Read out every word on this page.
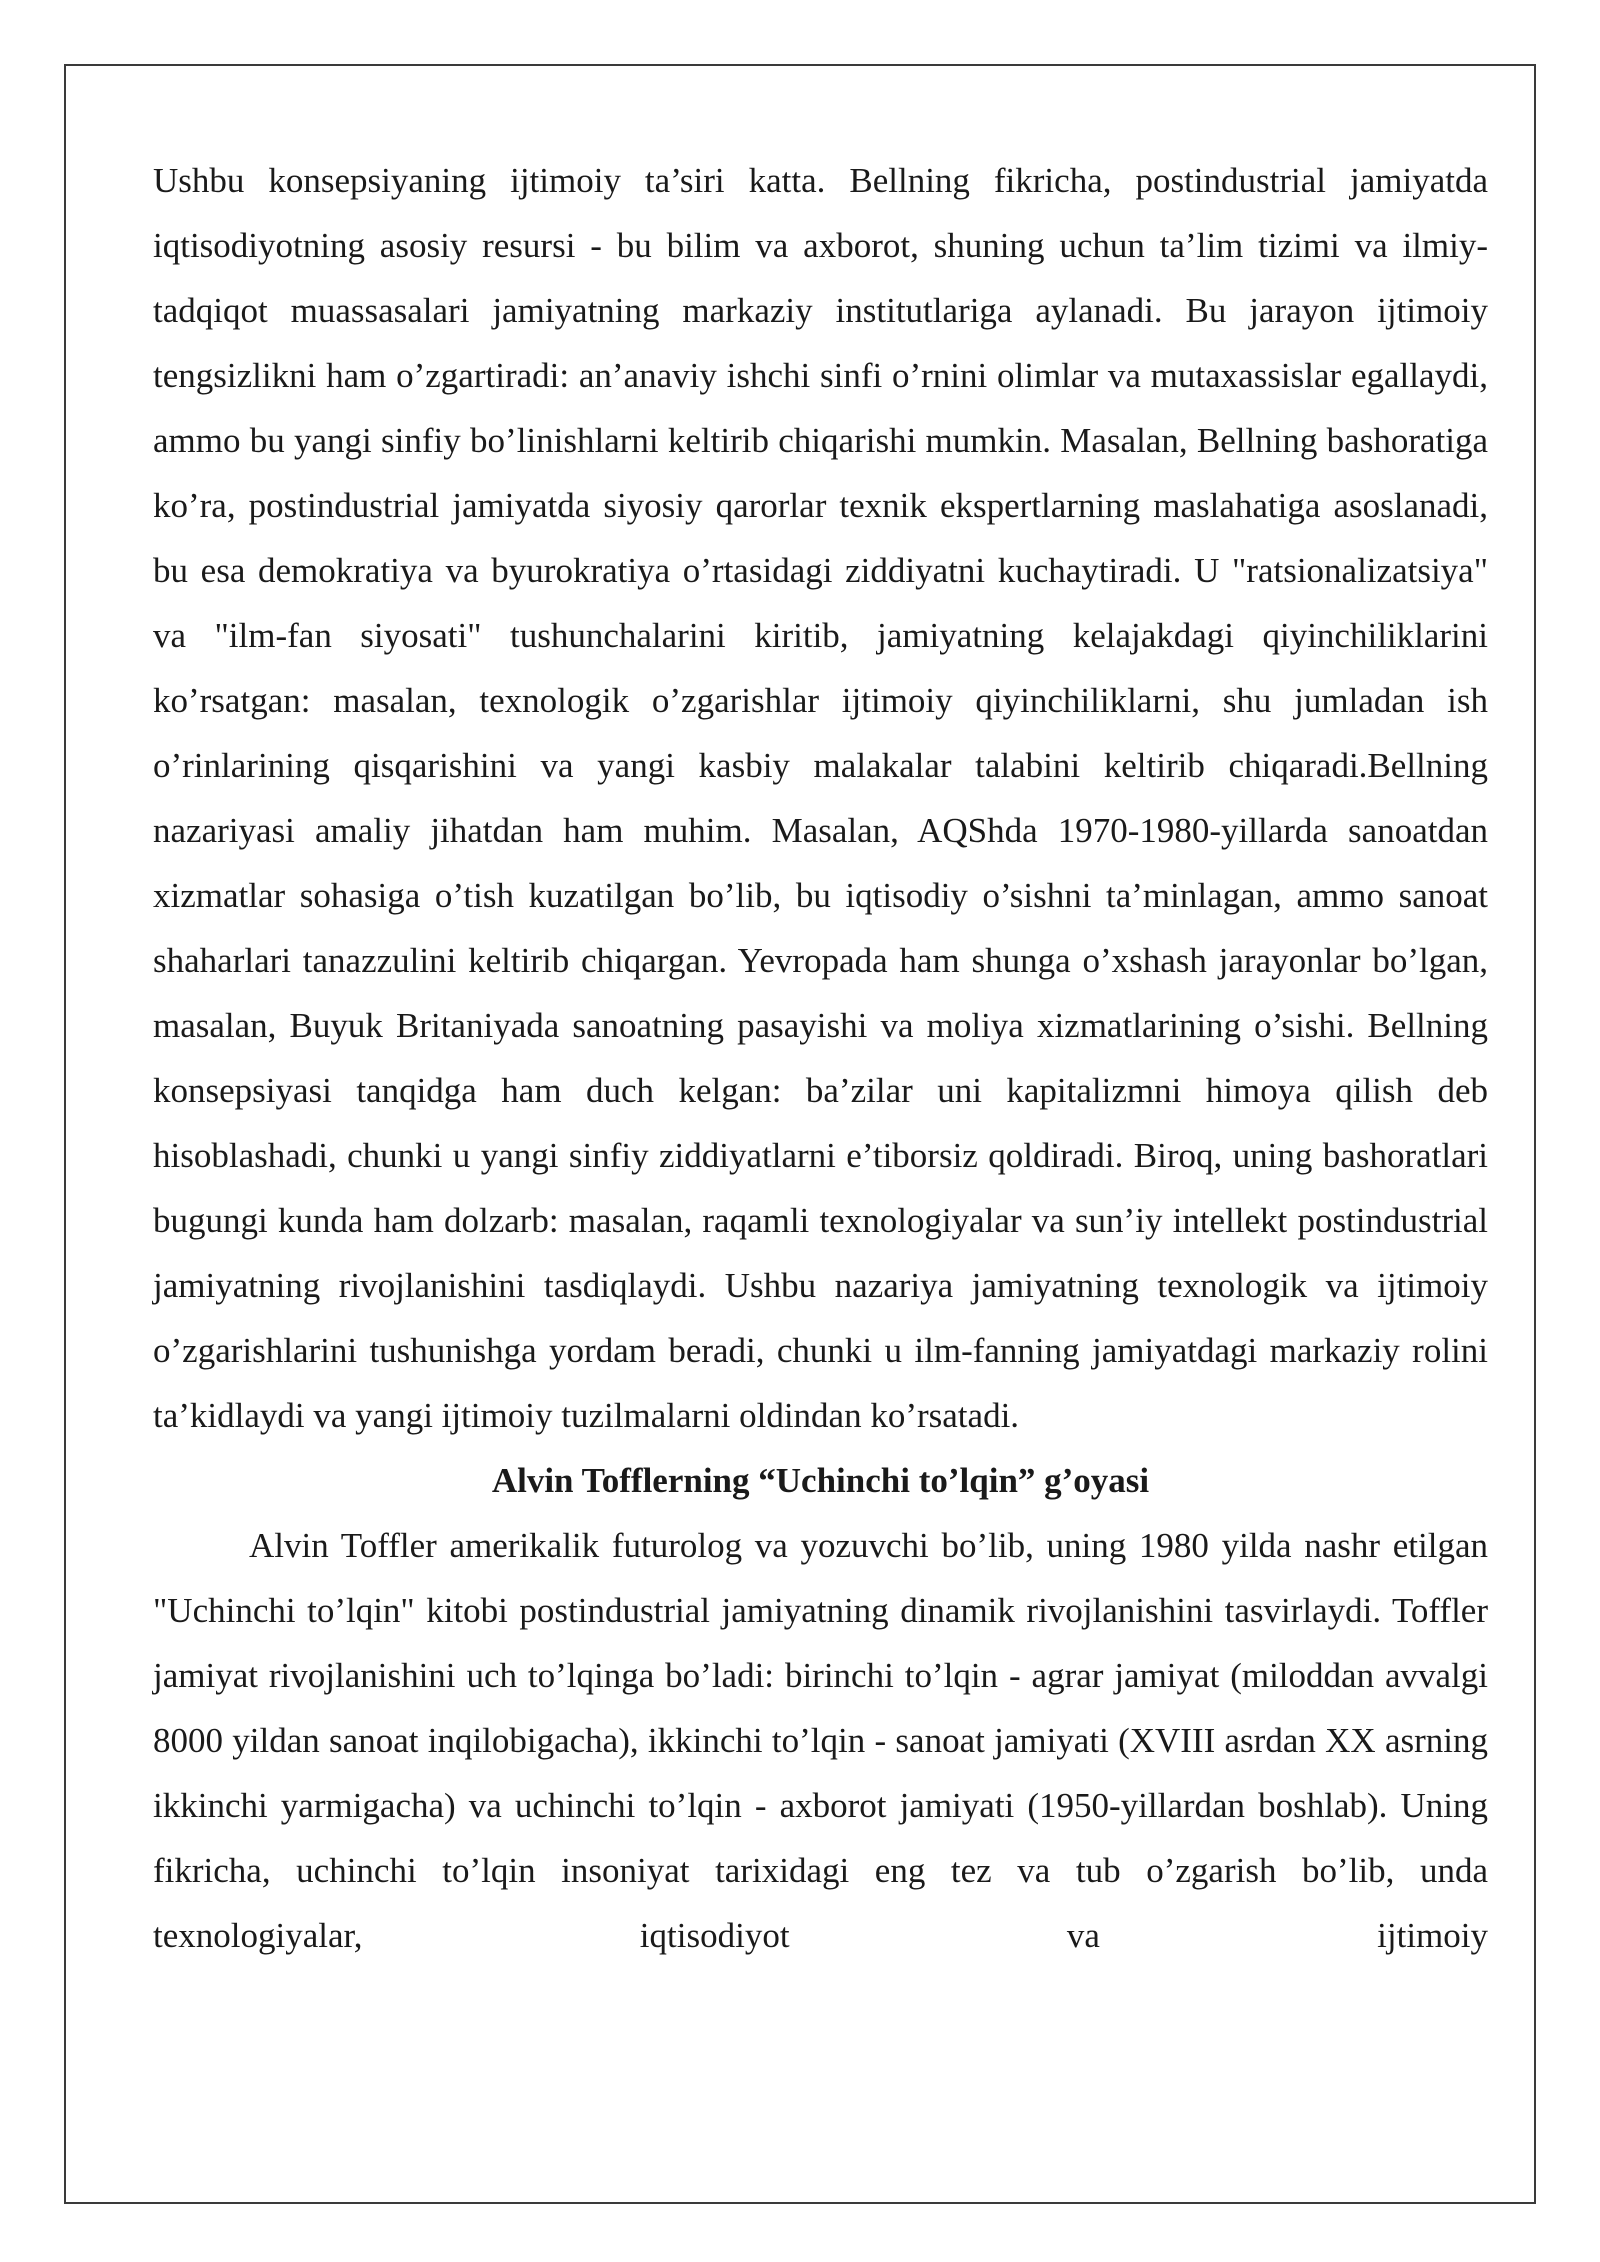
Ushbu konsepsiyaning ijtimoiy ta’siri katta. Bellning fikricha, postindustrial jamiyatda iqtisodiyotning asosiy resursi - bu bilim va axborot, shuning uchun ta’lim tizimi va ilmiy-tadqiqot muassasalari jamiyatning markaziy institutlariga aylanadi. Bu jarayon ijtimoiy tengsizlikni ham o’zgartiradi: an’anaviy ishchi sinfi o’rnini olimlar va mutaxassislar egallaydi, ammo bu yangi sinfiy bo’linishlarni keltirib chiqarishi mumkin. Masalan, Bellning bashoratiga ko’ra, postindustrial jamiyatda siyosiy qarorlar texnik ekspertlarning maslahatiga asoslanadi, bu esa demokratiya va byurokratiya o’rtasidagi ziddiyatni kuchaytiradi. U "ratsionalizatsiya" va "ilm-fan siyosati" tushunchalarini kiritib, jamiyatning kelajakdagi qiyinchiliklarini ko’rsatgan: masalan, texnologik o’zgarishlar ijtimoiy qiyinchiliklarni, shu jumladan ish o’rinlarining qisqarishini va yangi kasbiy malakalar talabini keltirib chiqaradi.Bellning nazariyasi amaliy jihatdan ham muhim. Masalan, AQShda 1970-1980-yillarda sanoatdan xizmatlar sohasiga o’tish kuzatilgan bo’lib, bu iqtisodiy o’sishni ta’minlagan, ammo sanoat shaharlari tanazzulini keltirib chiqargan. Yevropada ham shunga o’xshash jarayonlar bo’lgan, masalan, Buyuk Britaniyada sanoatning pasayishi va moliya xizmatlarining o’sishi. Bellning konsepsiyasi tanqidga ham duch kelgan: ba’zilar uni kapitalizmni himoya qilish deb hisoblashadi, chunki u yangi sinfiy ziddiyatlarni e’tiborsiz qoldiradi. Biroq, uning bashoratlari bugungi kunda ham dolzarb: masalan, raqamli texnologiyalar va sun’iy intellekt postindustrial jamiyatning rivojlanishini tasdiqlaydi. Ushbu nazariya jamiyatning texnologik va ijtimoiy o’zgarishlarini tushunishga yordam beradi, chunki u ilm-fanning jamiyatdagi markaziy rolini ta’kidlaydi va yangi ijtimoiy tuzilmalarni oldindan ko’rsatadi.

Alvin Tofflerning “Uchinchi to’lqin” g’oyasi

Alvin Toffler amerikalik futurolog va yozuvchi bo’lib, uning 1980 yilda nashr etilgan "Uchinchi to’lqin" kitobi postindustrial jamiyatning dinamik rivojlanishini tasvirlaydi. Toffler jamiyat rivojlanishini uch to’lqinga bo’ladi: birinchi to’lqin - agrar jamiyat (miloddan avvalgi 8000 yildan sanoat inqilobigacha), ikkinchi to’lqin - sanoat jamiyati (XVIII asrdan XX asrning ikkinchi yarmigacha) va uchinchi to’lqin - axborot jamiyati (1950-yillardan boshlab). Uning fikricha, uchinchi to’lqin insoniyat tarixidagi eng tez va tub o’zgarish bo’lib, unda texnologiyalar, iqtisodiyot va ijtimoiy
